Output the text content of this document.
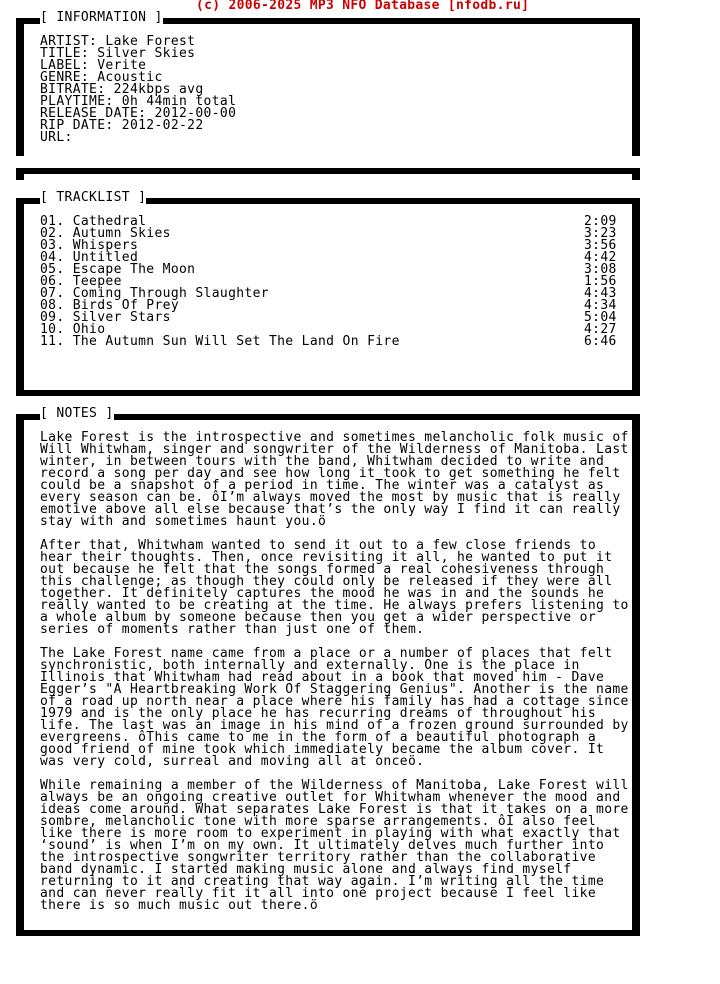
(c) 2006-2025 MP3 NFO Database [nfodb.ru]
[ INFORMATION ]
ARTIST: Lake Forest
TITLE: Silver Skies
LABEL: Verite
GENRE: Acoustic
BITRATE: 224kbps avg
PLAYTIME: 0h 44min total
RELEASE DATE: 2012-00-00
RIP DATE: 2012-02-22
URL:
[ TRACKLIST ]
01. Cathedral	2:09
02. Autumn Skies	3:23
03. Whispers	3:56
04. Untitled	4:42
05. Escape The Moon	3:08
06. Teepee	1:56
07. Coming Through Slaughter	4:43
08. Birds Of Prey	4:34
09. Silver Stars	5:04
10. Ohio	4:27
11. The Autumn Sun Will Set The Land On Fire	6:46
[ NOTES ]
Lake Forest is the introspective and sometimes melancholic folk music of
Will Whitwham, singer and songwriter of the Wilderness of Manitoba. Last
winter, in between tours with the band, Whitwham decided to write and
record a song per day and see how long it took to get something he felt
could be a snapshot of a period in time. The winter was a catalyst as
every season can be. ôI’m always moved the most by music that is really
emotive above all else because that’s the only way I find it can really
stay with and sometimes haunt you.ö
After that, Whitwham wanted to send it out to a few close friends to
hear their thoughts. Then, once revisiting it all, he wanted to put it
out because he felt that the songs formed a real cohesiveness through
this challenge; as though they could only be released if they were all
together. It definitely captures the mood he was in and the sounds he
really wanted to be creating at the time. He always prefers listening to
a whole album by someone because then you get a wider perspective or
series of moments rather than just one of them.
The Lake Forest name came from a place or a number of places that felt
synchronistic, both internally and externally. One is the place in
Illinois that Whitwham had read about in a book that moved him - Dave
Egger’s "A Heartbreaking Work Of Staggering Genius". Another is the name
of a road up north near a place where his family has had a cottage since
1979 and is the only place he has recurring dreams of throughout his
life. The last was an image in his mind of a frozen ground surrounded by
evergreens. ôThis came to me in the form of a beautiful photograph a
good friend of mine took which immediately became the album cover. It
was very cold, surreal and moving all at onceö.
While remaining a member of the Wilderness of Manitoba, Lake Forest will
always be an ongoing creative outlet for Whitwham whenever the mood and
ideas come around. What separates Lake Forest is that it takes on a more
sombre, melancholic tone with more sparse arrangements. ôI also feel
like there is more room to experiment in playing with what exactly that
‘sound’ is when I’m on my own. It ultimately delves much further into
the introspective songwriter territory rather than the collaborative
band dynamic. I started making music alone and always find myself
returning to it and creating that way again. I’m writing all the time
and can never really fit it all into one project because I feel like
there is so much music out there.ö
